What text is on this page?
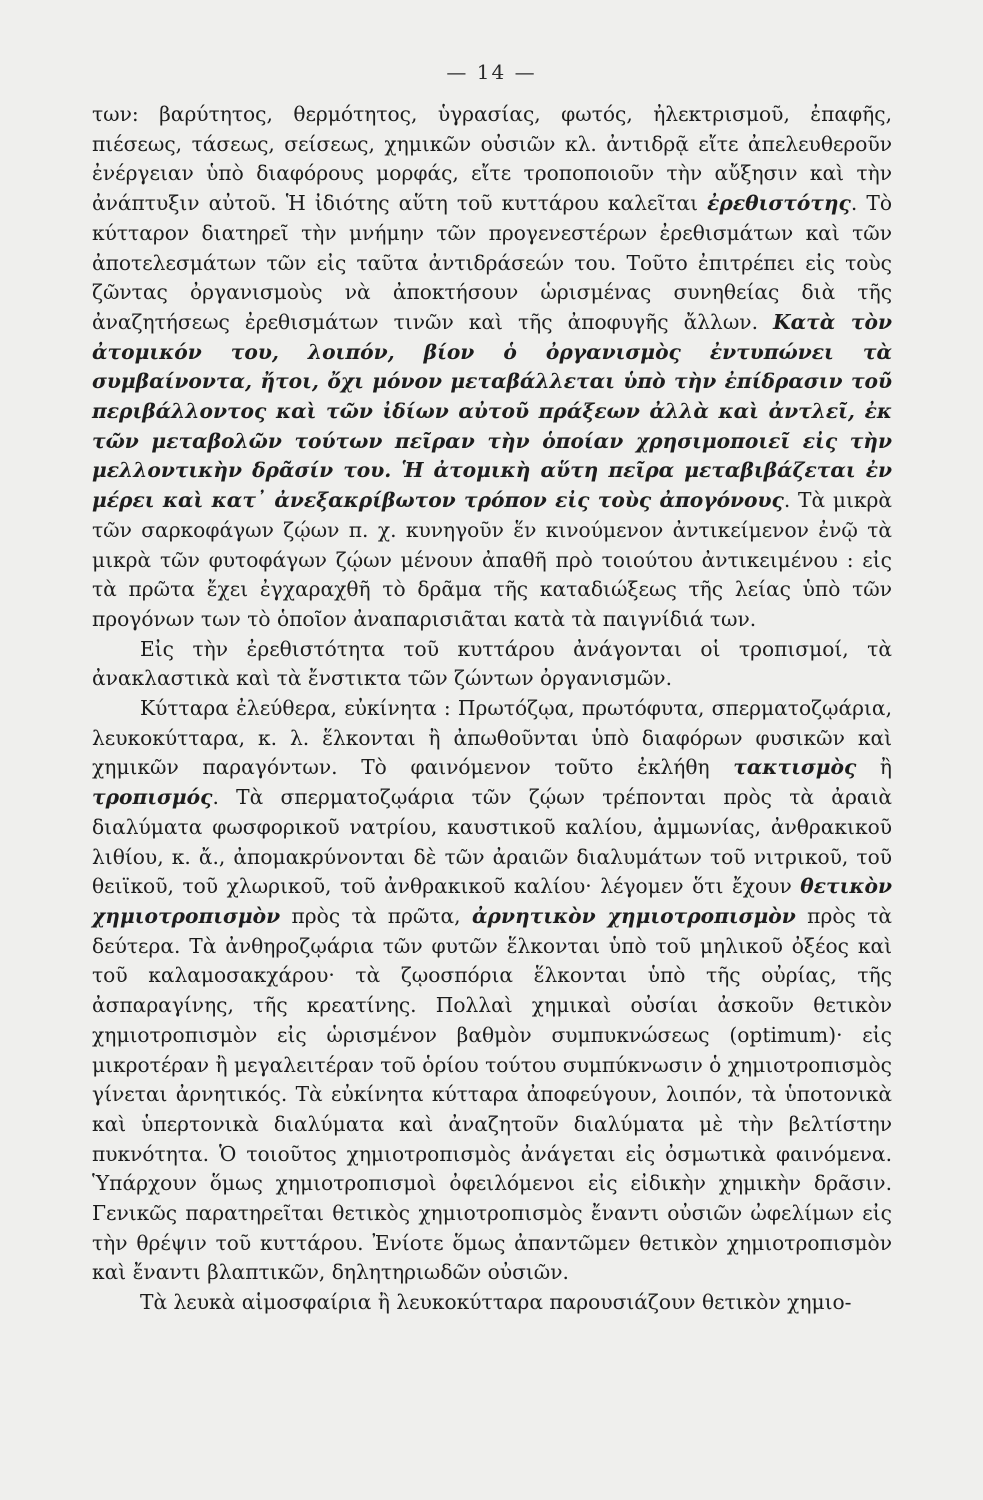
— 14 —

των: βαρύτητος, θερμότητος, ὑγρασίας, φωτός, ἠλεκτρισμοῦ, ἐπαφῆς, πιέσεως, τάσεως, σείσεως, χημικῶν οὐσιῶν κλ. ἀντιδρᾷ εἴτε ἀπελευθεροῦν ἐνέργειαν ὑπὸ διαφόρους μορφάς, εἴτε τροποποιοῦν τὴν αὔξησιν καὶ τὴν ἀνάπτυξιν αὐτοῦ. Ἡ ἰδιότης αὕτη τοῦ κυττάρου καλεῖται ἐρεθιστότης. Τὸ κύτταρον διατηρεῖ τὴν μνήμην τῶν προγενεστέρων ἐρεθισμάτων καὶ τῶν ἀποτελεσμάτων τῶν εἰς ταῦτα ἀντιδράσεών του. Τοῦτο ἐπιτρέπει εἰς τοὺς ζῶντας ὀργανισμοὺς νὰ ἀποκτήσουν ὡρισμένας συνηθείας διὰ τῆς ἀναζητήσεως ἐρεθισμάτων τινῶν καὶ τῆς ἀποφυγῆς ἄλλων. Κατὰ τὸν ἀτομικόν του, λοιπόν, βίον ὁ ὀργανισμὸς ἐντυπώνει τὰ συμβαίνοντα, ἤτοι, ὄχι μόνον μεταβάλλεται ὑπὸ τὴν ἐπίδρασιν τοῦ περιβάλλοντος καὶ τῶν ἰδίων αὐτοῦ πράξεων ἀλλὰ καὶ ἀντλεῖ, ἐκ τῶν μεταβολῶν τούτων πεῖραν τὴν ὁποίαν χρησιμοποιεῖ εἰς τὴν μελλοντικὴν δρᾶσίν του. Ἡ ἀτομικὴ αὕτη πεῖρα μεταβιβάζεται ἐν μέρει καὶ κατ᾽ ἀνεξακρίβωτον τρόπον εἰς τοὺς ἀπογόνους. Τὰ μικρὰ τῶν σαρκοφάγων ζῴων π. χ. κυνηγοῦν ἕν κινούμενον ἀντικείμενον ἐνῷ τὰ μικρὰ τῶν φυτοφάγων ζῴων μένουν ἀπαθῆ πρὸ τοιούτου ἀντικειμένου : εἰς τὰ πρῶτα ἔχει ἐγχαραχθῆ τὸ δρᾶμα τῆς καταδιώξεως τῆς λείας ὑπὸ τῶν προγόνων των τὸ ὁποῖον ἀναπαρισιᾶται κατὰ τὰ παιγνίδιά των.

Εἰς τὴν ἐρεθιστότητα τοῦ κυττάρου ἀνάγονται οἱ τροπισμοί, τὰ ἀνακλαστικὰ καὶ τὰ ἔνστικτα τῶν ζώντων ὀργανισμῶν.

Κύτταρα ἐλεύθερα, εὐκίνητα : Πρωτόζῳα, πρωτόφυτα, σπερματοζῳάρια, λευκοκύτταρα, κ. λ. ἕλκονται ἢ ἀπωθοῦνται ὑπὸ διαφόρων φυσικῶν καὶ χημικῶν παραγόντων. Τὸ φαινόμενον τοῦτο ἐκλήθη τακτισμὸς ἢ τροπισμός. Τὰ σπερματοζῳάρια τῶν ζῴων τρέπονται πρὸς τὰ ἀραιὰ διαλύματα φωσφορικοῦ νατρίου, καυστικοῦ καλίου, ἀμμωνίας, ἀνθρακικοῦ λιθίου, κ. ἄ., ἀπομακρύνονται δὲ τῶν ἀραιῶν διαλυμάτων τοῦ νιτρικοῦ, τοῦ θειϊκοῦ, τοῦ χλωρικοῦ, τοῦ ἀνθρακικοῦ καλίου· λέγομεν ὅτι ἔχουν θετικὸν χημιοτροπισμὸν πρὸς τὰ πρῶτα, ἀρνητικὸν χημιοτροπισμὸν πρὸς τὰ δεύτερα. Τὰ ἀνθηροζῳάρια τῶν φυτῶν ἕλκονται ὑπὸ τοῦ μηλικοῦ ὀξέος καὶ τοῦ καλαμοσακχάρου· τὰ ζῳοσπόρια ἕλκονται ὑπὸ τῆς οὐρίας, τῆς ἀσπαραγίνης, τῆς κρεατίνης. Πολλαὶ χημικαὶ οὐσίαι ἀσκοῦν θετικὸν χημιοτροπισμὸν εἰς ὡρισμένον βαθμὸν συμπυκνώσεως (optimum)· εἰς μικροτέραν ἢ μεγαλειτέραν τοῦ ὁρίου τούτου συμπύκνωσιν ὁ χημιοτροπισμὸς γίνεται ἀρνητικός. Τὰ εὐκίνητα κύτταρα ἀποφεύγουν, λοιπόν, τὰ ὑποτονικὰ καὶ ὑπερτονικὰ διαλύματα καὶ ἀναζητοῦν διαλύματα μὲ τὴν βελτίστην πυκνότητα. Ὁ τοιοῦτος χημιοτροπισμὸς ἀνάγεται εἰς ὀσμωτικὰ φαινόμενα. Ὑπάρχουν ὅμως χημιοτροπισμοὶ ὀφειλόμενοι εἰς εἰδικὴν χημικὴν δρᾶσιν. Γενικῶς παρατηρεῖται θετικὸς χημιοτροπισμὸς ἔναντι οὐσιῶν ὠφελίμων εἰς τὴν θρέψιν τοῦ κυττάρου. Ἐνίοτε ὅμως ἀπαντῶμεν θετικὸν χημιοτροπισμὸν καὶ ἔναντι βλαπτικῶν, δηλητηριωδῶν οὐσιῶν.

Τὰ λευκὰ αἱμοσφαίρια ἢ λευκοκύτταρα παρουσιάζουν θετικὸν χημιο-
